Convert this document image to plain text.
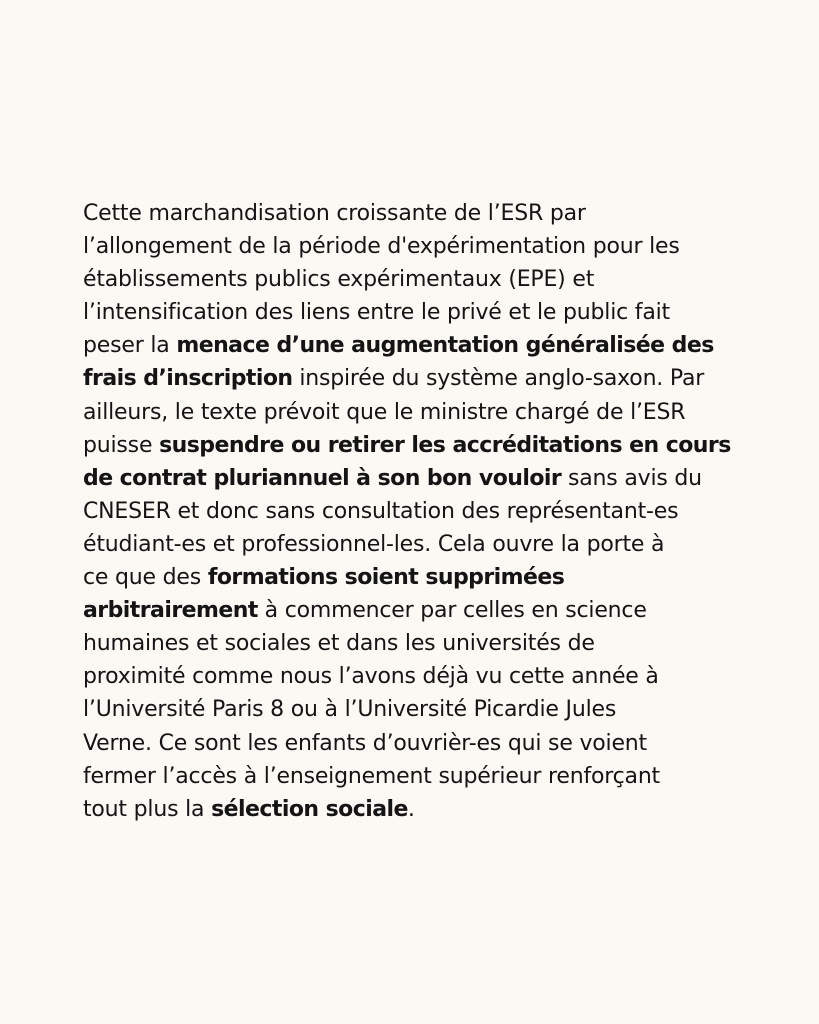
Cette marchandisation croissante de l’ESR par
l’allongement de la période d'expérimentation pour les
établissements publics expérimentaux (EPE) et
l’intensification des liens entre le privé et le public fait
peser la menace d’une augmentation généralisée des
frais d’inscription inspirée du système anglo-saxon. Par
ailleurs, le texte prévoit que le ministre chargé de l’ESR
puisse suspendre ou retirer les accréditations en cours
de contrat pluriannuel à son bon vouloir sans avis du
CNESER et donc sans consultation des représentant-es
étudiant-es et professionnel-les. Cela ouvre la porte à
ce que des formations soient supprimées
arbitrairement à commencer par celles en science
humaines et sociales et dans les universités de
proximité comme nous l’avons déjà vu cette année à
l’Université Paris 8 ou à l’Université Picardie Jules
Verne. Ce sont les enfants d’ouvrièr-es qui se voient
fermer l’accès à l’enseignement supérieur renforçant
tout plus la sélection sociale.
